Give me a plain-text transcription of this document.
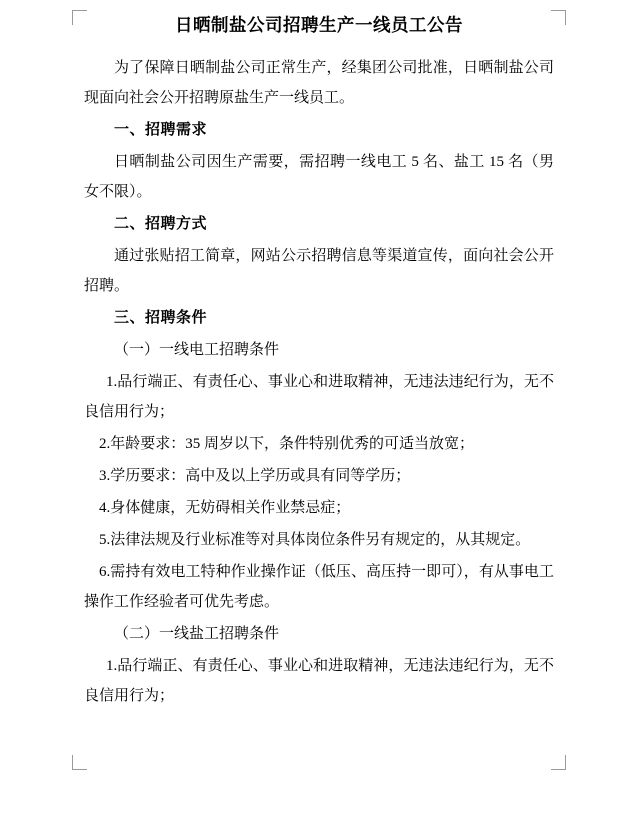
日晒制盐公司招聘生产一线员工公告

为了保障日晒制盐公司正常生产，经集团公司批准，日晒制盐公司现面向社会公开招聘原盐生产一线员工。

一、招聘需求

日晒制盐公司因生产需要，需招聘一线电工 5 名、盐工 15 名（男女不限）。

二、招聘方式

通过张贴招工简章，网站公示招聘信息等渠道宣传，面向社会公开招聘。

三、招聘条件

（一）一线电工招聘条件

1.品行端正、有责任心、事业心和进取精神，无违法违纪行为，无不良信用行为；

2.年龄要求：35 周岁以下，条件特别优秀的可适当放宽；

3.学历要求：高中及以上学历或具有同等学历；

4.身体健康，无妨碍相关作业禁忌症；

5.法律法规及行业标准等对具体岗位条件另有规定的，从其规定。

6.需持有效电工特种作业操作证（低压、高压持一即可），有从事电工操作工作经验者可优先考虑。

（二）一线盐工招聘条件

1.品行端正、有责任心、事业心和进取精神，无违法违纪行为，无不良信用行为；
